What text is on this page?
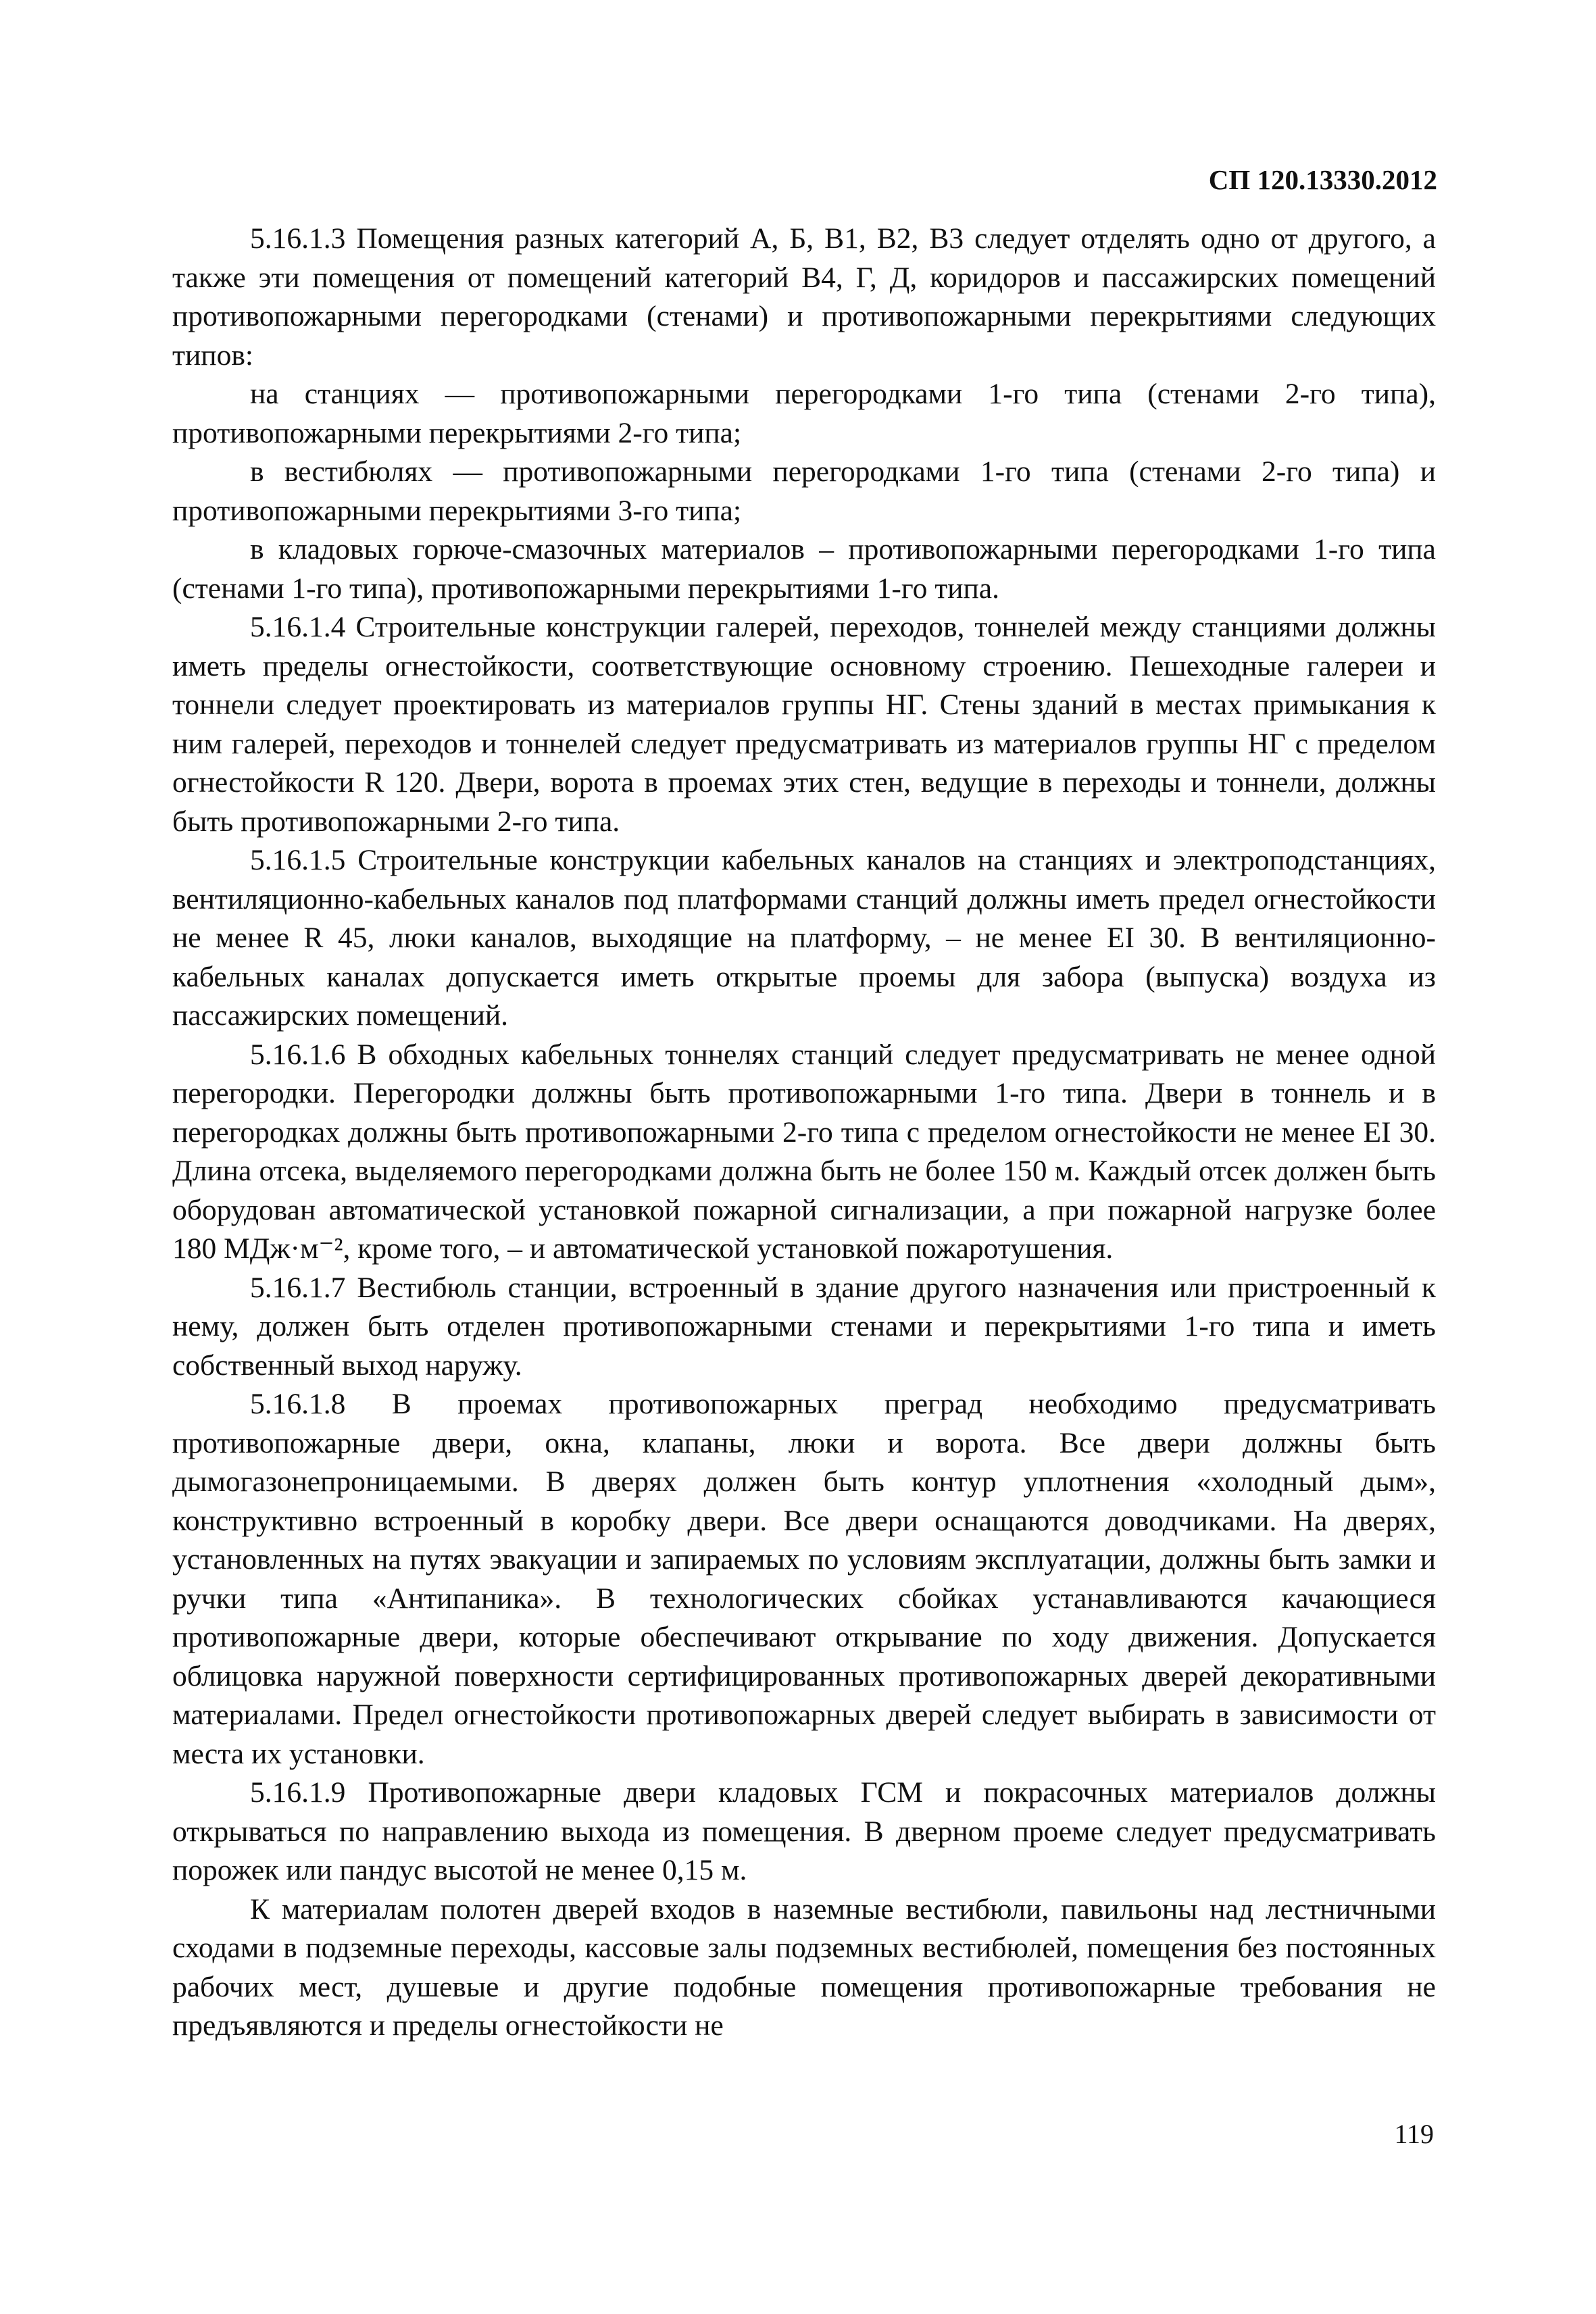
СП 120.13330.2012

5.16.1.3 Помещения разных категорий А, Б, В1, В2, В3 следует отделять одно от другого, а также эти помещения от помещений категорий В4, Г, Д, коридоров и пассажирских помещений противопожарными перегородками (стенами) и противопожарными перекрытиями следующих типов:

на станциях — противопожарными перегородками 1-го типа (стенами 2-го типа), противопожарными перекрытиями 2-го типа;

в вестибюлях — противопожарными перегородками 1-го типа (стенами 2-го типа) и противопожарными перекрытиями 3-го типа;

в кладовых горюче-смазочных материалов – противопожарными перегородками 1-го типа (стенами 1-го типа), противопожарными перекрытиями 1-го типа.

5.16.1.4 Строительные конструкции галерей, переходов, тоннелей между станциями должны иметь пределы огнестойкости, соответствующие основному строению. Пешеходные галереи и тоннели следует проектировать из материалов группы НГ. Стены зданий в местах примыкания к ним галерей, переходов и тоннелей следует предусматривать из материалов группы НГ с пределом огнестойкости R 120. Двери, ворота в проемах этих стен, ведущие в переходы и тоннели, должны быть противопожарными 2-го типа.

5.16.1.5 Строительные конструкции кабельных каналов на станциях и электроподстанциях, вентиляционно-кабельных каналов под платформами станций должны иметь предел огнестойкости не менее R 45, люки каналов, выходящие на платформу, – не менее EI 30. В вентиляционно-кабельных каналах допускается иметь открытые проемы для забора (выпуска) воздуха из пассажирских помещений.

5.16.1.6 В обходных кабельных тоннелях станций следует предусматривать не менее одной перегородки. Перегородки должны быть противопожарными 1-го типа. Двери в тоннель и в перегородках должны быть противопожарными 2-го типа с пределом огнестойкости не менее EI 30. Длина отсека, выделяемого перегородками должна быть не более 150 м. Каждый отсек должен быть оборудован автоматической установкой пожарной сигнализации, а при пожарной нагрузке более 180 МДж·м⁻², кроме того, – и автоматической установкой пожаротушения.

5.16.1.7 Вестибюль станции, встроенный в здание другого назначения или пристроенный к нему, должен быть отделен противопожарными стенами и перекрытиями 1-го типа и иметь собственный выход наружу.

5.16.1.8 В проемах противопожарных преград необходимо предусматривать противопожарные двери, окна, клапаны, люки и ворота. Все двери должны быть дымогазонепроницаемыми. В дверях должен быть контур уплотнения «холодный дым», конструктивно встроенный в коробку двери. Все двери оснащаются доводчиками. На дверях, установленных на путях эвакуации и запираемых по условиям эксплуатации, должны быть замки и ручки типа «Антипаника». В технологических сбойках устанавливаются качающиеся противопожарные двери, которые обеспечивают открывание по ходу движения. Допускается облицовка наружной поверхности сертифицированных противопожарных дверей декоративными материалами. Предел огнестойкости противопожарных дверей следует выбирать в зависимости от места их установки.

5.16.1.9 Противопожарные двери кладовых ГСМ и покрасочных материалов должны открываться по направлению выхода из помещения. В дверном проеме следует предусматривать порожек или пандус высотой не менее 0,15 м.

К материалам полотен дверей входов в наземные вестибюли, павильоны над лестничными сходами в подземные переходы, кассовые залы подземных вестибюлей, помещения без постоянных рабочих мест, душевые и другие подобные помещения противопожарные требования не предъявляются и пределы огнестойкости не

119
